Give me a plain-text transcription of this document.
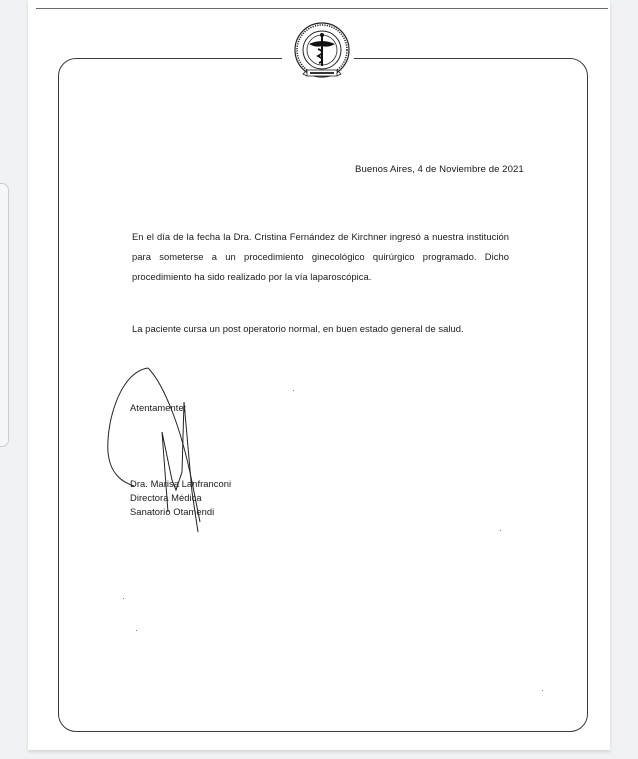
Buenos Aires, 4 de Noviembre de 2021
En el día de la fecha la Dra. Cristina Fernández de Kirchner ingresó a nuestra institución para someterse a un procedimiento ginecológico quirúrgico programado. Dicho procedimiento ha sido realizado por la vía laparoscópica.
La paciente cursa un post operatorio normal, en buen estado general de salud.
Atentamente;
Dra. Marisa Lanfranconi
Directora Médica
Sanatorio Otamendi
